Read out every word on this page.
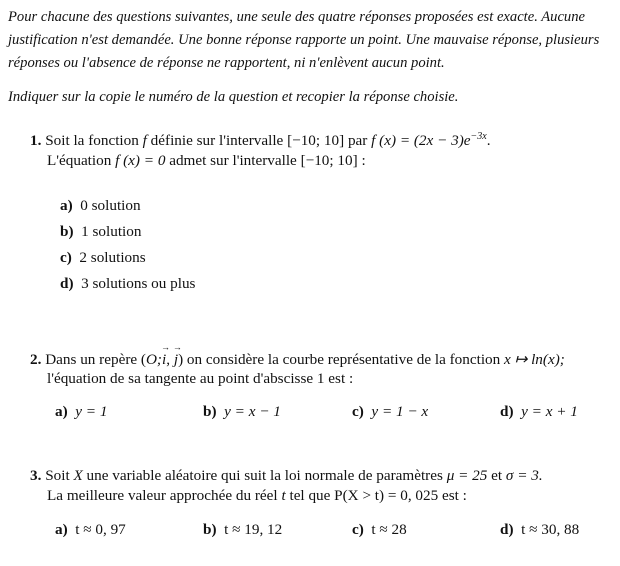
Pour chacune des questions suivantes, une seule des quatre réponses proposées est exacte. Aucune justification n'est demandée. Une bonne réponse rapporte un point. Une mauvaise réponse, plusieurs réponses ou l'absence de réponse ne rapportent, ni n'enlèvent aucun point.
Indiquer sur la copie le numéro de la question et recopier la réponse choisie.
1. Soit la fonction f définie sur l'intervalle [−10; 10] par f $(x) = (2x - 3)e^{-3x}$.
L'équation f (x) = 0 admet sur l'intervalle [−10; 10] :
a) 0 solution
b) 1 solution
c) 2 solutions
d) 3 solutions ou plus
2. Dans un repère (O;→ i, → j) on considère la courbe représentative de la fonction x ↦ ln(x);
l'équation de sa tangente au point d'abscisse 1 est :
a) y = 1	b) y = x − 1	c) y = 1 − x	d) y = x + 1
3. Soit X une variable aléatoire qui suit la loi normale de paramètres μ = 25 et σ = 3.
La meilleure valeur approchée du réel t tel que P(X > t) = 0, 025 est :
a) t ≈ 0, 97	b) t ≈ 19, 12	c) t ≈ 28	d) t ≈ 30, 88
